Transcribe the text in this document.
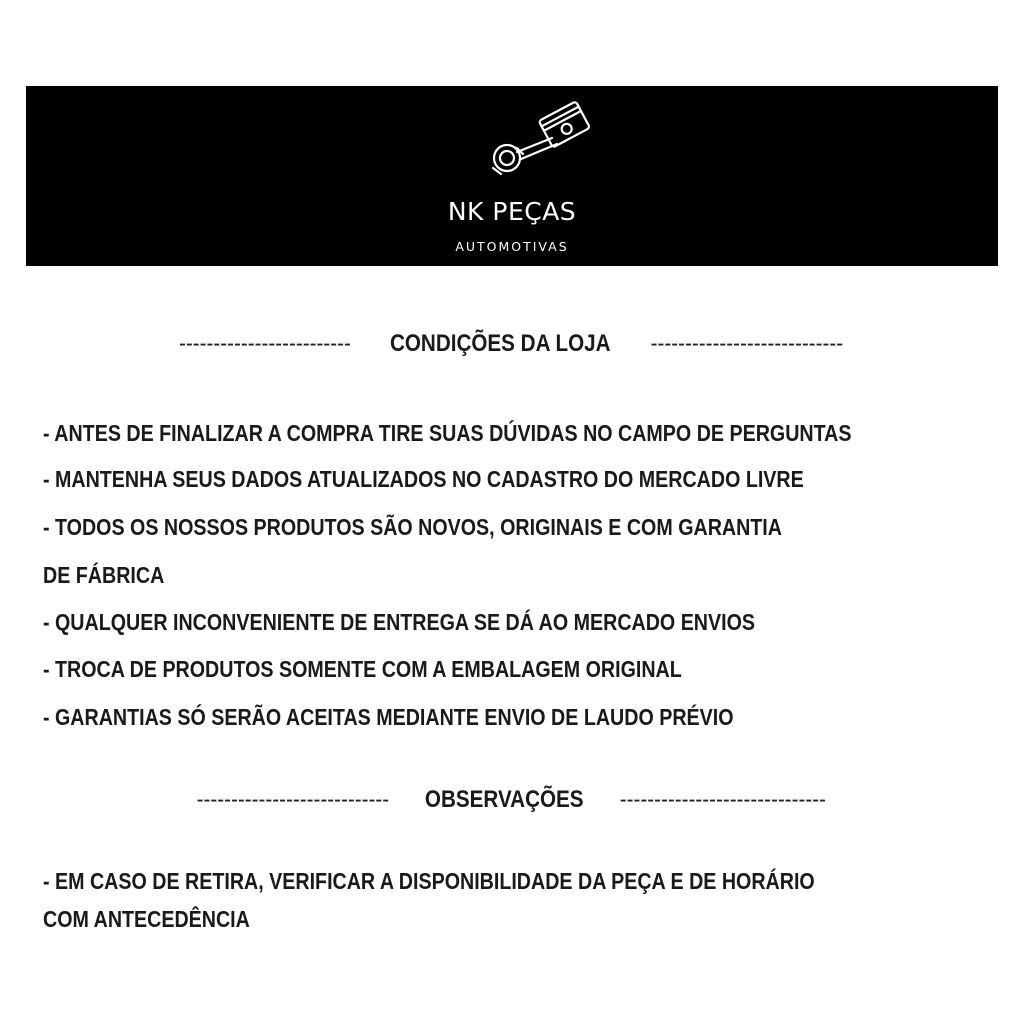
NK PEÇAS
AUTOMOTIVAS
------------------------- CONDIÇÕES DA LOJA ----------------------------
- ANTES DE FINALIZAR A COMPRA TIRE SUAS DÚVIDAS NO CAMPO DE PERGUNTAS
- MANTENHA SEUS DADOS ATUALIZADOS NO CADASTRO DO MERCADO LIVRE
- TODOS OS NOSSOS PRODUTOS SÃO NOVOS, ORIGINAIS E COM GARANTIA
DE FÁBRICA
- QUALQUER INCONVENIENTE DE ENTREGA SE DÁ AO MERCADO ENVIOS
- TROCA DE PRODUTOS SOMENTE COM A EMBALAGEM ORIGINAL
- GARANTIAS SÓ SERÃO ACEITAS MEDIANTE ENVIO DE LAUDO PRÉVIO
---------------------------- OBSERVAÇÕES ------------------------------
- EM CASO DE RETIRA, VERIFICAR A DISPONIBILIDADE DA PEÇA E DE HORÁRIO
COM ANTECEDÊNCIA
